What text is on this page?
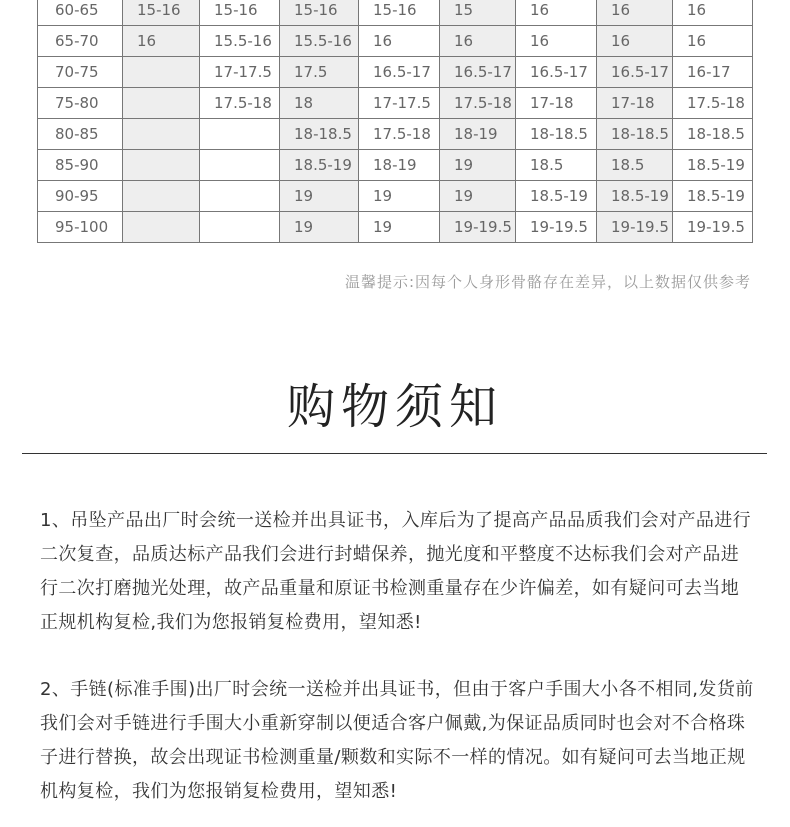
60-65	15-16	15-16	15-16	15-16	15	16	16	16
65-70	16	15.5-16	15.5-16	16	16	16	16	16
70-75		17-17.5	17.5	16.5-17	16.5-17	16.5-17	16.5-17	16-17
75-80		17.5-18	18	17-17.5	17.5-18	17-18	17-18	17.5-18
80-85			18-18.5	17.5-18	18-19	18-18.5	18-18.5	18-18.5
85-90			18.5-19	18-19	19	18.5	18.5	18.5-19
90-95			19	19	19	18.5-19	18.5-19	18.5-19
95-100			19	19	19-19.5	19-19.5	19-19.5	19-19.5
温馨提示:因每个人身形骨骼存在差异，以上数据仅供参考
购物须知
1、吊坠产品出厂时会统一送检并出具证书，入库后为了提高产品品质我们会对产品进行二次复查，品质达标产品我们会进行封蜡保养，抛光度和平整度不达标我们会对产品进行二次打磨抛光处理，故产品重量和原证书检测重量存在少许偏差，如有疑问可去当地正规机构复检,我们为您报销复检费用，望知悉!
2、手链(标准手围)出厂时会统一送检并出具证书，但由于客户手围大小各不相同,发货前我们会对手链进行手围大小重新穿制以便适合客户佩戴,为保证品质同时也会对不合格珠子进行替换，故会出现证书检测重量/颗数和实际不一样的情况。如有疑问可去当地正规机构复检，我们为您报销复检费用，望知悉!
